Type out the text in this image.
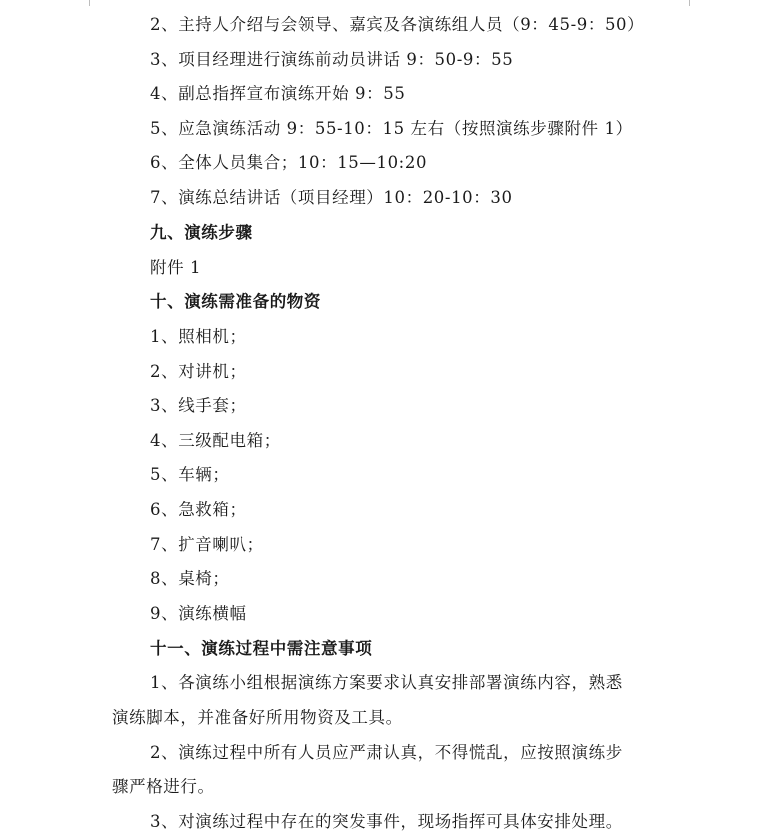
2、主持人介绍与会领导、嘉宾及各演练组人员（9：45-9：50）
3、项目经理进行演练前动员讲话 9：50-9：55
4、副总指挥宣布演练开始 9：55
5、应急演练活动 9：55-10：15 左右（按照演练步骤附件 1）
6、全体人员集合；10：15—10:20
7、演练总结讲话（项目经理）10：20-10：30
九、演练步骤
附件 1
十、演练需准备的物资
1、照相机；
2、对讲机；
3、线手套；
4、三级配电箱；
5、车辆；
6、急救箱；
7、扩音喇叭；
8、桌椅；
9、演练横幅
十一、演练过程中需注意事项
1、各演练小组根据演练方案要求认真安排部署演练内容，熟悉
演练脚本，并准备好所用物资及工具。
2、演练过程中所有人员应严肃认真，不得慌乱，应按照演练步
骤严格进行。
3、对演练过程中存在的突发事件，现场指挥可具体安排处理。
